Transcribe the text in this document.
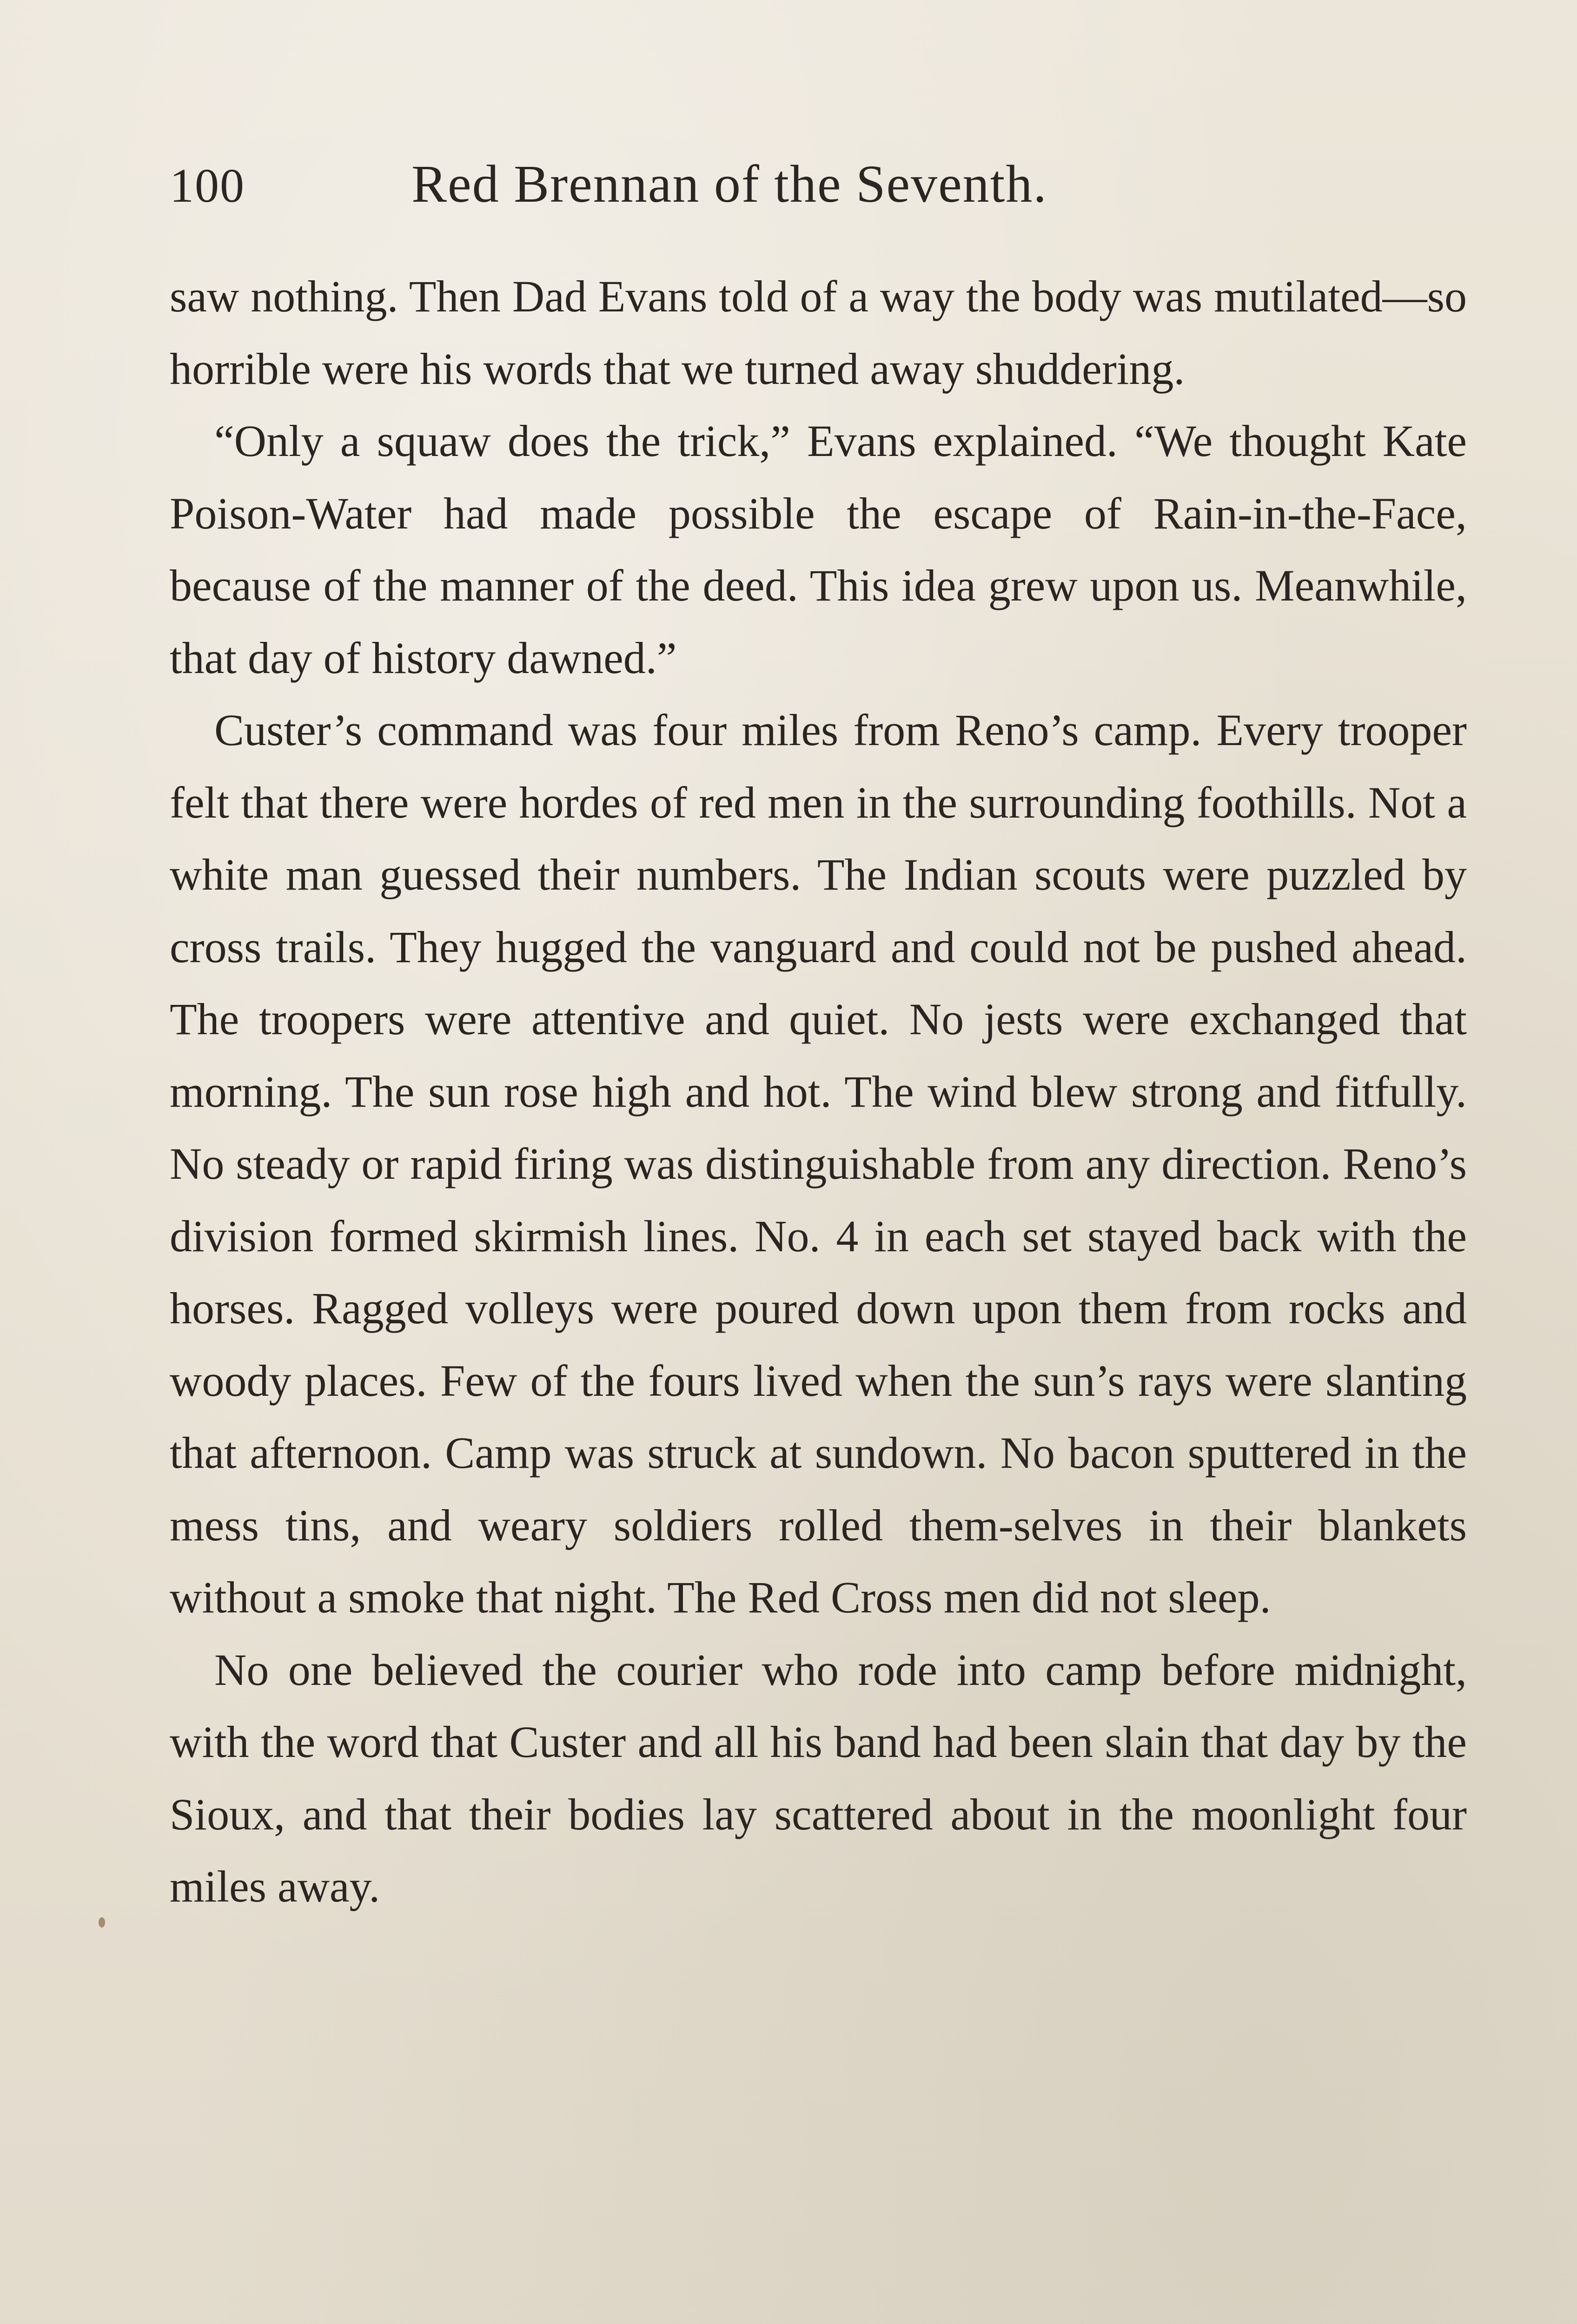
100	Red Brennan of the Seventh.

saw nothing. Then Dad Evans told of a way the body was mutilated—so horrible were his words that we turned away shuddering.

“Only a squaw does the trick,” Evans explained. “We thought Kate Poison-Water had made possible the escape of Rain-in-the-Face, because of the manner of the deed. This idea grew upon us. Meanwhile, that day of history dawned.”

Custer’s command was four miles from Reno’s camp. Every trooper felt that there were hordes of red men in the surrounding foothills. Not a white man guessed their numbers. The Indian scouts were puzzled by cross trails. They hugged the vanguard and could not be pushed ahead. The troopers were attentive and quiet. No jests were exchanged that morning. The sun rose high and hot. The wind blew strong and fitfully. No steady or rapid firing was distinguishable from any direction. Reno’s division formed skirmish lines. No. 4 in each set stayed back with the horses. Ragged volleys were poured down upon them from rocks and woody places. Few of the fours lived when the sun’s rays were slanting that afternoon. Camp was struck at sundown. No bacon sputtered in the mess tins, and weary soldiers rolled them-selves in their blankets without a smoke that night. The Red Cross men did not sleep.

No one believed the courier who rode into camp before midnight, with the word that Custer and all his band had been slain that day by the Sioux, and that their bodies lay scattered about in the moonlight four miles away.
